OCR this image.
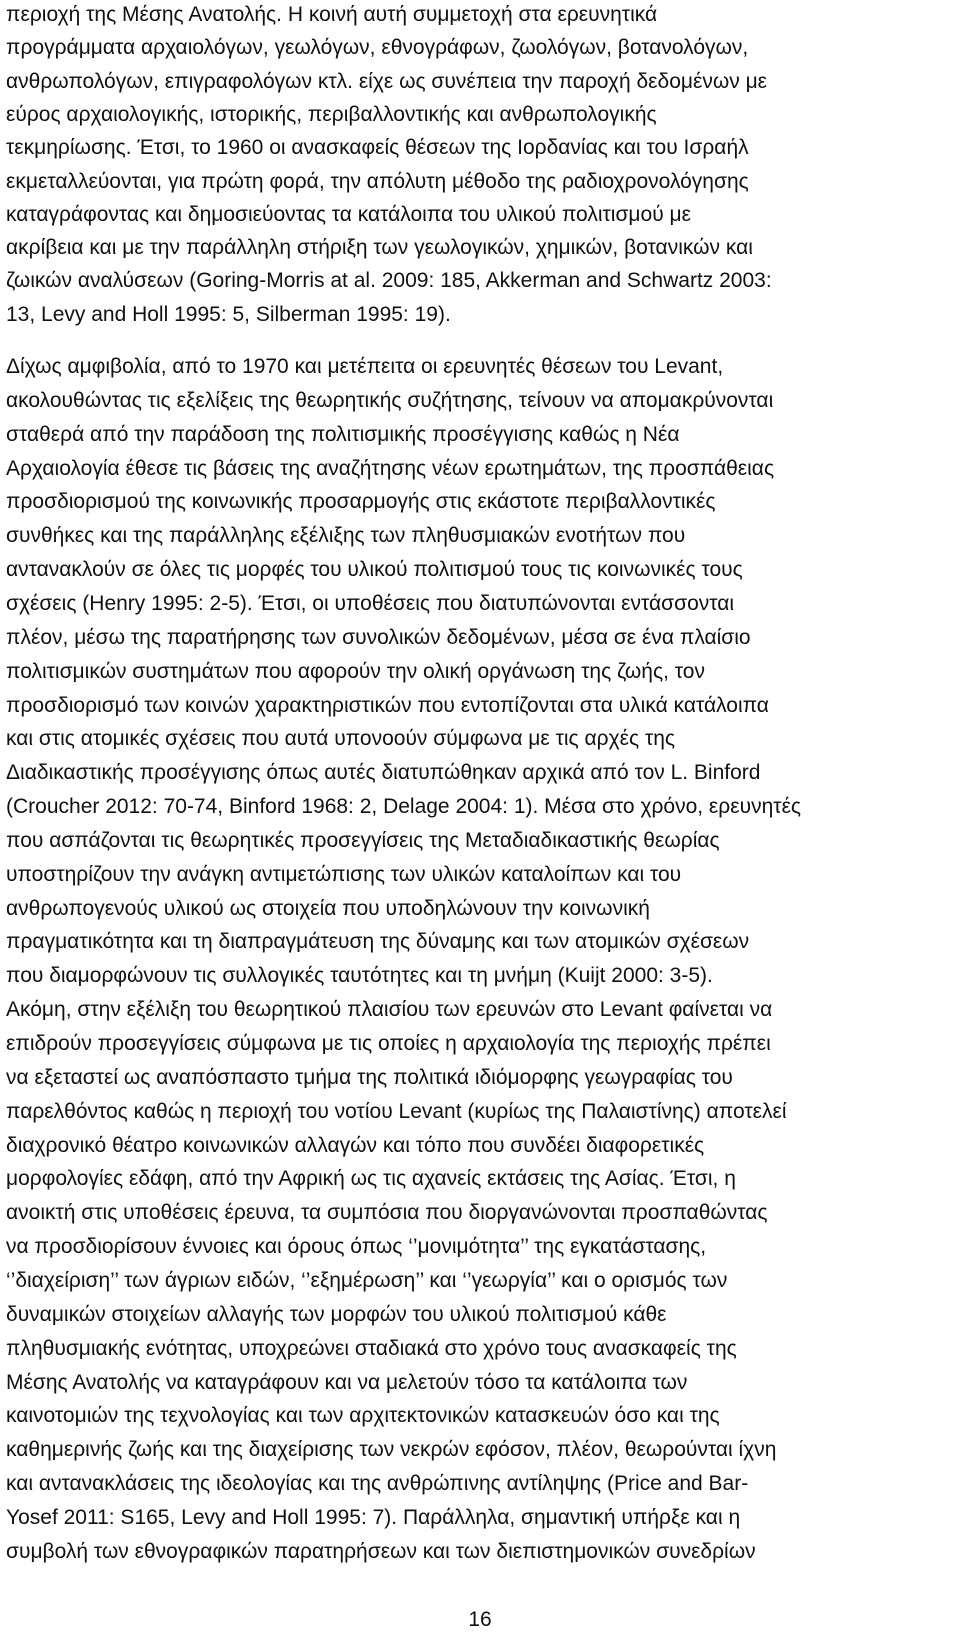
περιοχή της Μέσης Ανατολής. Η κοινή αυτή συμμετοχή στα ερευνητικά
προγράμματα αρχαιολόγων, γεωλόγων, εθνογράφων, ζωολόγων, βοτανολόγων,
ανθρωπολόγων, επιγραφολόγων κτλ. είχε ως συνέπεια την παροχή δεδομένων με
εύρος αρχαιολογικής, ιστορικής, περιβαλλοντικής και ανθρωπολογικής
τεκμηρίωσης. Έτσι, το 1960 οι ανασκαφείς θέσεων της Ιορδανίας και του Ισραήλ
εκμεταλλεύονται, για πρώτη φορά, την απόλυτη μέθοδο της ραδιοχρονολόγησης
καταγράφοντας και δημοσιεύοντας τα κατάλοιπα του υλικού πολιτισμού με
ακρίβεια και με την παράλληλη στήριξη των γεωλογικών, χημικών, βοτανικών και
ζωικών αναλύσεων (Goring-Morris at al. 2009: 185, Akkerman and Schwartz 2003:
13, Levy and Holl 1995: 5, Silberman 1995: 19).
Δίχως αμφιβολία, από το 1970 και μετέπειτα οι ερευνητές θέσεων του Levant,
ακολουθώντας τις εξελίξεις της θεωρητικής συζήτησης, τείνουν να απομακρύνονται
σταθερά από την παράδοση της πολιτισμικής προσέγγισης καθώς η Νέα
Αρχαιολογία έθεσε τις βάσεις της αναζήτησης νέων ερωτημάτων, της προσπάθειας
προσδιορισμού της κοινωνικής προσαρμογής στις εκάστοτε περιβαλλοντικές
συνθήκες και της παράλληλης εξέλιξης των πληθυσμιακών ενοτήτων που
αντανακλούν σε όλες τις μορφές του υλικού πολιτισμού τους τις κοινωνικές τους
σχέσεις (Henry 1995: 2-5). Έτσι, οι υποθέσεις που διατυπώνονται εντάσσονται
πλέον, μέσω της παρατήρησης των συνολικών δεδομένων, μέσα σε ένα πλαίσιο
πολιτισμικών συστημάτων που αφορούν την ολική οργάνωση της ζωής, τον
προσδιορισμό των κοινών χαρακτηριστικών που εντοπίζονται στα υλικά κατάλοιπα
και στις ατομικές σχέσεις που αυτά υπονοούν σύμφωνα με τις αρχές της
Διαδικαστικής προσέγγισης όπως αυτές διατυπώθηκαν αρχικά από τον L. Binford
(Croucher 2012: 70-74, Binford 1968: 2, Delage 2004: 1). Μέσα στο χρόνο, ερευνητές
που ασπάζονται τις θεωρητικές προσεγγίσεις της Μεταδιαδικαστικής θεωρίας
υποστηρίζουν την ανάγκη αντιμετώπισης των υλικών καταλοίπων και του
ανθρωπογενούς υλικού ως στοιχεία που υποδηλώνουν την κοινωνική
πραγματικότητα και τη διαπραγμάτευση της δύναμης και των ατομικών σχέσεων
που διαμορφώνουν τις συλλογικές ταυτότητες και τη μνήμη (Kuijt 2000: 3-5).
Ακόμη, στην εξέλιξη του θεωρητικού πλαισίου των ερευνών στο Levant φαίνεται να
επιδρούν προσεγγίσεις σύμφωνα με τις οποίες η αρχαιολογία της περιοχής πρέπει
να εξεταστεί ως αναπόσπαστο τμήμα της πολιτικά ιδιόμορφης γεωγραφίας του
παρελθόντος καθώς η περιοχή του νοτίου Levant (κυρίως της Παλαιστίνης) αποτελεί
διαχρονικό θέατρο κοινωνικών αλλαγών και τόπο που συνδέει διαφορετικές
μορφολογίες εδάφη, από την Αφρική ως τις αχανείς εκτάσεις της Ασίας. Έτσι, η
ανοικτή στις υποθέσεις έρευνα, τα συμπόσια που διοργανώνονται προσπαθώντας
να προσδιορίσουν έννοιες και όρους όπως ‘’μονιμότητα’’ της εγκατάστασης,
‘’διαχείριση’’ των άγριων ειδών, ‘’εξημέρωση’’ και ‘’γεωργία’’ και ο ορισμός των
δυναμικών στοιχείων αλλαγής των μορφών του υλικού πολιτισμού κάθε
πληθυσμιακής ενότητας, υποχρεώνει σταδιακά στο χρόνο τους ανασκαφείς της
Μέσης Ανατολής να καταγράφουν και να μελετούν τόσο τα κατάλοιπα των
καινοτομιών της τεχνολογίας και των αρχιτεκτονικών κατασκευών όσο και της
καθημερινής ζωής και της διαχείρισης των νεκρών εφόσον, πλέον, θεωρούνται ίχνη
και αντανακλάσεις της ιδεολογίας και της ανθρώπινης αντίληψης (Price and Bar-
Yosef 2011: S165, Levy and Holl 1995: 7). Παράλληλα, σημαντική υπήρξε και η
συμβολή των εθνογραφικών παρατηρήσεων και των διεπιστημονικών συνεδρίων
16
